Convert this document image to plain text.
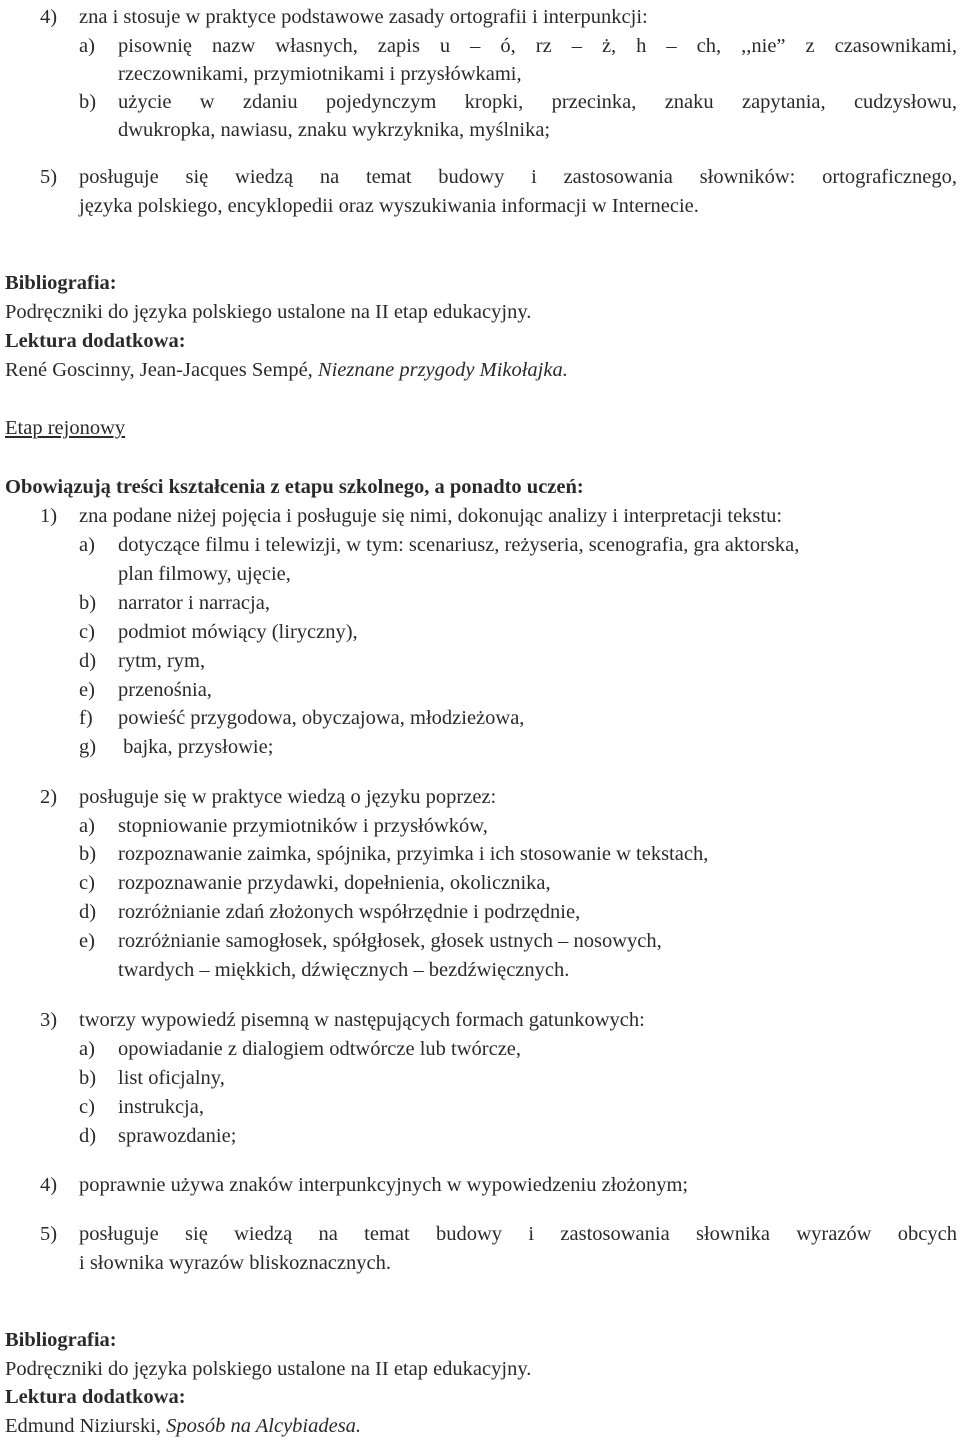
4) zna i stosuje w praktyce podstawowe zasady ortografii i interpunkcji:
a) pisownię nazw własnych, zapis u – ó, rz – ż, h – ch, ,,nie” z czasownikami,
rzeczownikami, przymiotnikami i przysłówkami,
b) użycie w zdaniu pojedynczym kropki, przecinka, znaku zapytania, cudzysłowu,
dwukropka, nawiasu, znaku wykrzyknika, myślnika;
5) posługuje się wiedzą na temat budowy i zastosowania słowników: ortograficznego,
języka polskiego, encyklopedii oraz wyszukiwania informacji w Internecie.
Bibliografia:
Podręczniki do języka polskiego ustalone na II etap edukacyjny.
Lektura dodatkowa:
René Goscinny, Jean-Jacques Sempé, Nieznane przygody Mikołajka.
Etap rejonowy
Obowiązują treści kształcenia z etapu szkolnego, a ponadto uczeń:
1) zna podane niżej pojęcia i posługuje się nimi, dokonując analizy i interpretacji tekstu:
a) dotyczące filmu i telewizji, w tym: scenariusz, reżyseria, scenografia, gra aktorska,
plan filmowy, ujęcie,
b) narrator i narracja,
c) podmiot mówiący (liryczny),
d) rytm, rym,
e) przenośnia,
f) powieść przygodowa, obyczajowa, młodzieżowa,
g) bajka, przysłowie;
2) posługuje się w praktyce wiedzą o języku poprzez:
a) stopniowanie przymiotników i przysłówków,
b) rozpoznawanie zaimka, spójnika, przyimka i ich stosowanie w tekstach,
c) rozpoznawanie przydawki, dopełnienia, okolicznika,
d) rozróżnianie zdań złożonych współrzędnie i podrzędnie,
e) rozróżnianie samogłosek, spółgłosek, głosek ustnych – nosowych,
twardych – miękkich, dźwięcznych – bezdźwięcznych.
3) tworzy wypowiedź pisemną w następujących formach gatunkowych:
a) opowiadanie z dialogiem odtwórcze lub twórcze,
b) list oficjalny,
c) instrukcja,
d) sprawozdanie;
4) poprawnie używa znaków interpunkcyjnych w wypowiedzeniu złożonym;
5) posługuje się wiedzą na temat budowy i zastosowania słownika wyrazów obcych
i słownika wyrazów bliskoznacznych.
Bibliografia:
Podręczniki do języka polskiego ustalone na II etap edukacyjny.
Lektura dodatkowa:
Edmund Niziurski, Sposób na Alcybiadesa.
